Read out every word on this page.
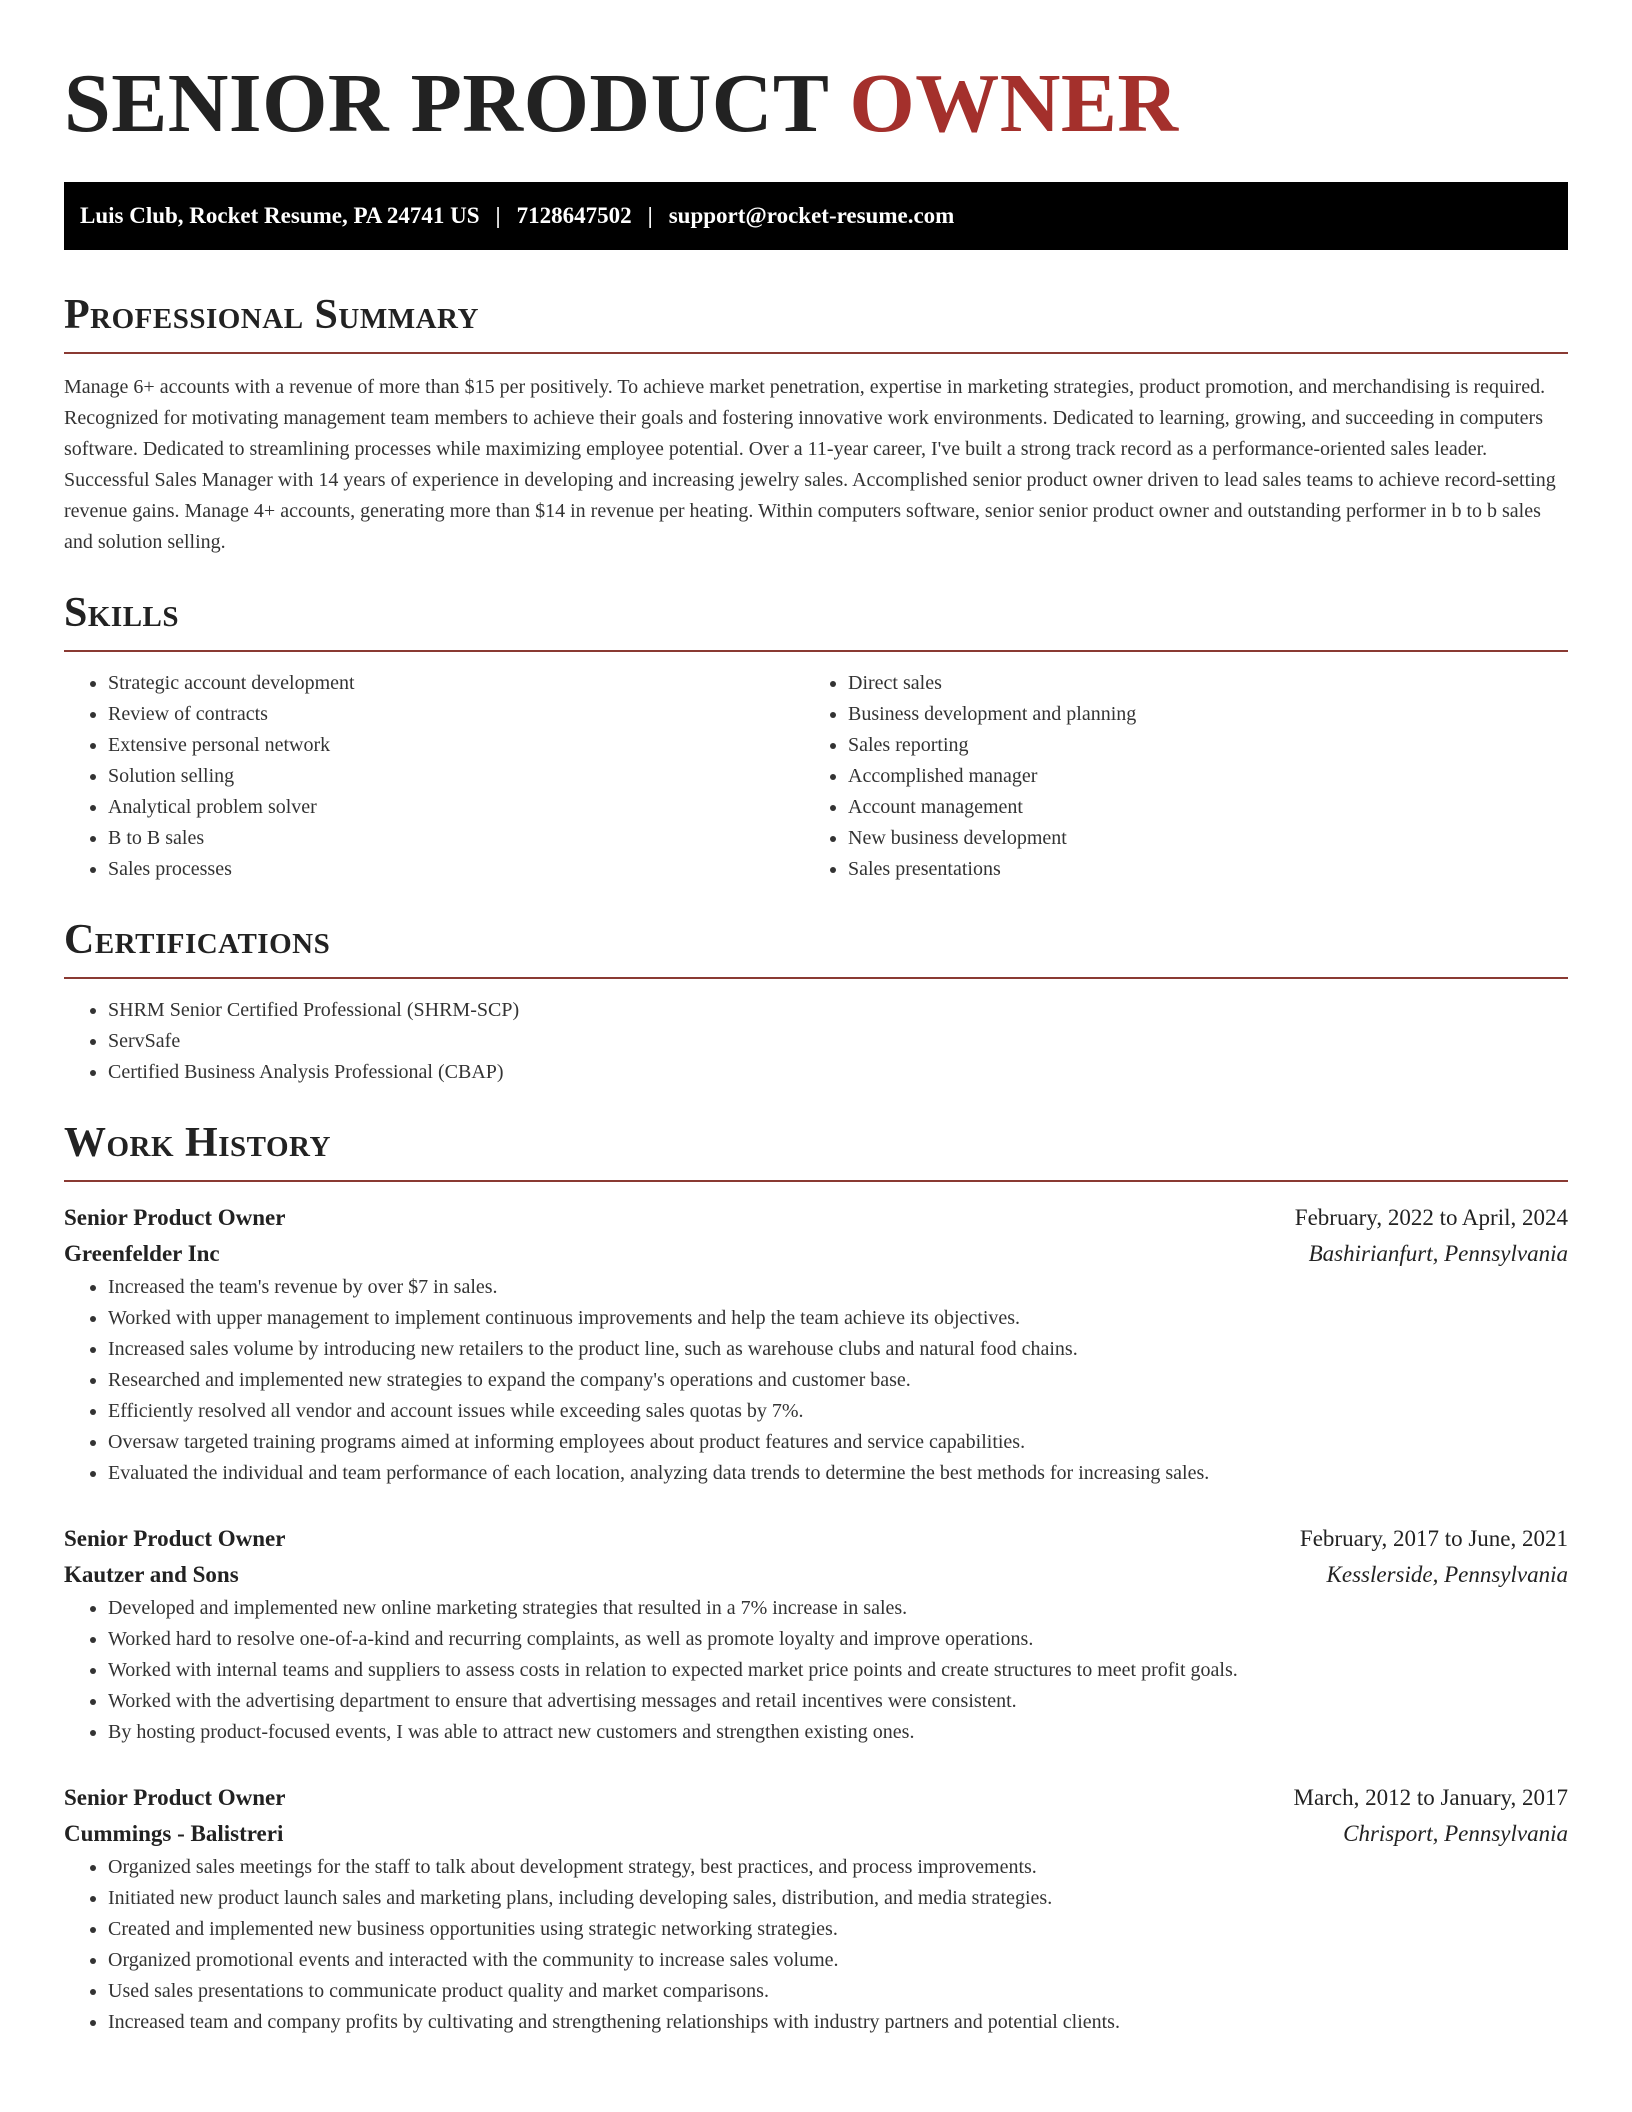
SENIOR PRODUCT OWNER
Luis Club, Rocket Resume, PA 24741 US | 7128647502 | support@rocket-resume.com
Professional Summary

Manage 6+ accounts with a revenue of more than $15 per positively. To achieve market penetration, expertise in marketing strategies, product promotion, and merchandising is required. Recognized for motivating management team members to achieve their goals and fostering innovative work environments. Dedicated to learning, growing, and succeeding in computers software. Dedicated to streamlining processes while maximizing employee potential. Over a 11-year career, I've built a strong track record as a performance-oriented sales leader. Successful Sales Manager with 14 years of experience in developing and increasing jewelry sales. Accomplished senior product owner driven to lead sales teams to achieve record-setting revenue gains. Manage 4+ accounts, generating more than $14 in revenue per heating. Within computers software, senior senior product owner and outstanding performer in b to b sales and solution selling.

Skills
• Strategic account development
• Review of contracts
• Extensive personal network
• Solution selling
• Analytical problem solver
• B to B sales
• Sales processes
• Direct sales
• Business development and planning
• Sales reporting
• Accomplished manager
• Account management
• New business development
• Sales presentations
Certifications
• SHRM Senior Certified Professional (SHRM-SCP)
• ServSafe
• Certified Business Analysis Professional (CBAP)
Work History
Senior Product Owner	February, 2022 to April, 2024
Greenfelder Inc	Bashirianfurt, Pennsylvania
• Increased the team's revenue by over $7 in sales.
• Worked with upper management to implement continuous improvements and help the team achieve its objectives.
• Increased sales volume by introducing new retailers to the product line, such as warehouse clubs and natural food chains.
• Researched and implemented new strategies to expand the company's operations and customer base.
• Efficiently resolved all vendor and account issues while exceeding sales quotas by 7%.
• Oversaw targeted training programs aimed at informing employees about product features and service capabilities.
• Evaluated the individual and team performance of each location, analyzing data trends to determine the best methods for increasing sales.
Senior Product Owner	February, 2017 to June, 2021
Kautzer and Sons	Kesslerside, Pennsylvania
• Developed and implemented new online marketing strategies that resulted in a 7% increase in sales.
• Worked hard to resolve one-of-a-kind and recurring complaints, as well as promote loyalty and improve operations.
• Worked with internal teams and suppliers to assess costs in relation to expected market price points and create structures to meet profit goals.
• Worked with the advertising department to ensure that advertising messages and retail incentives were consistent.
• By hosting product-focused events, I was able to attract new customers and strengthen existing ones.
Senior Product Owner	March, 2012 to January, 2017
Cummings - Balistreri	Chrisport, Pennsylvania
• Organized sales meetings for the staff to talk about development strategy, best practices, and process improvements.
• Initiated new product launch sales and marketing plans, including developing sales, distribution, and media strategies.
• Created and implemented new business opportunities using strategic networking strategies.
• Organized promotional events and interacted with the community to increase sales volume.
• Used sales presentations to communicate product quality and market comparisons.
• Increased team and company profits by cultivating and strengthening relationships with industry partners and potential clients.
